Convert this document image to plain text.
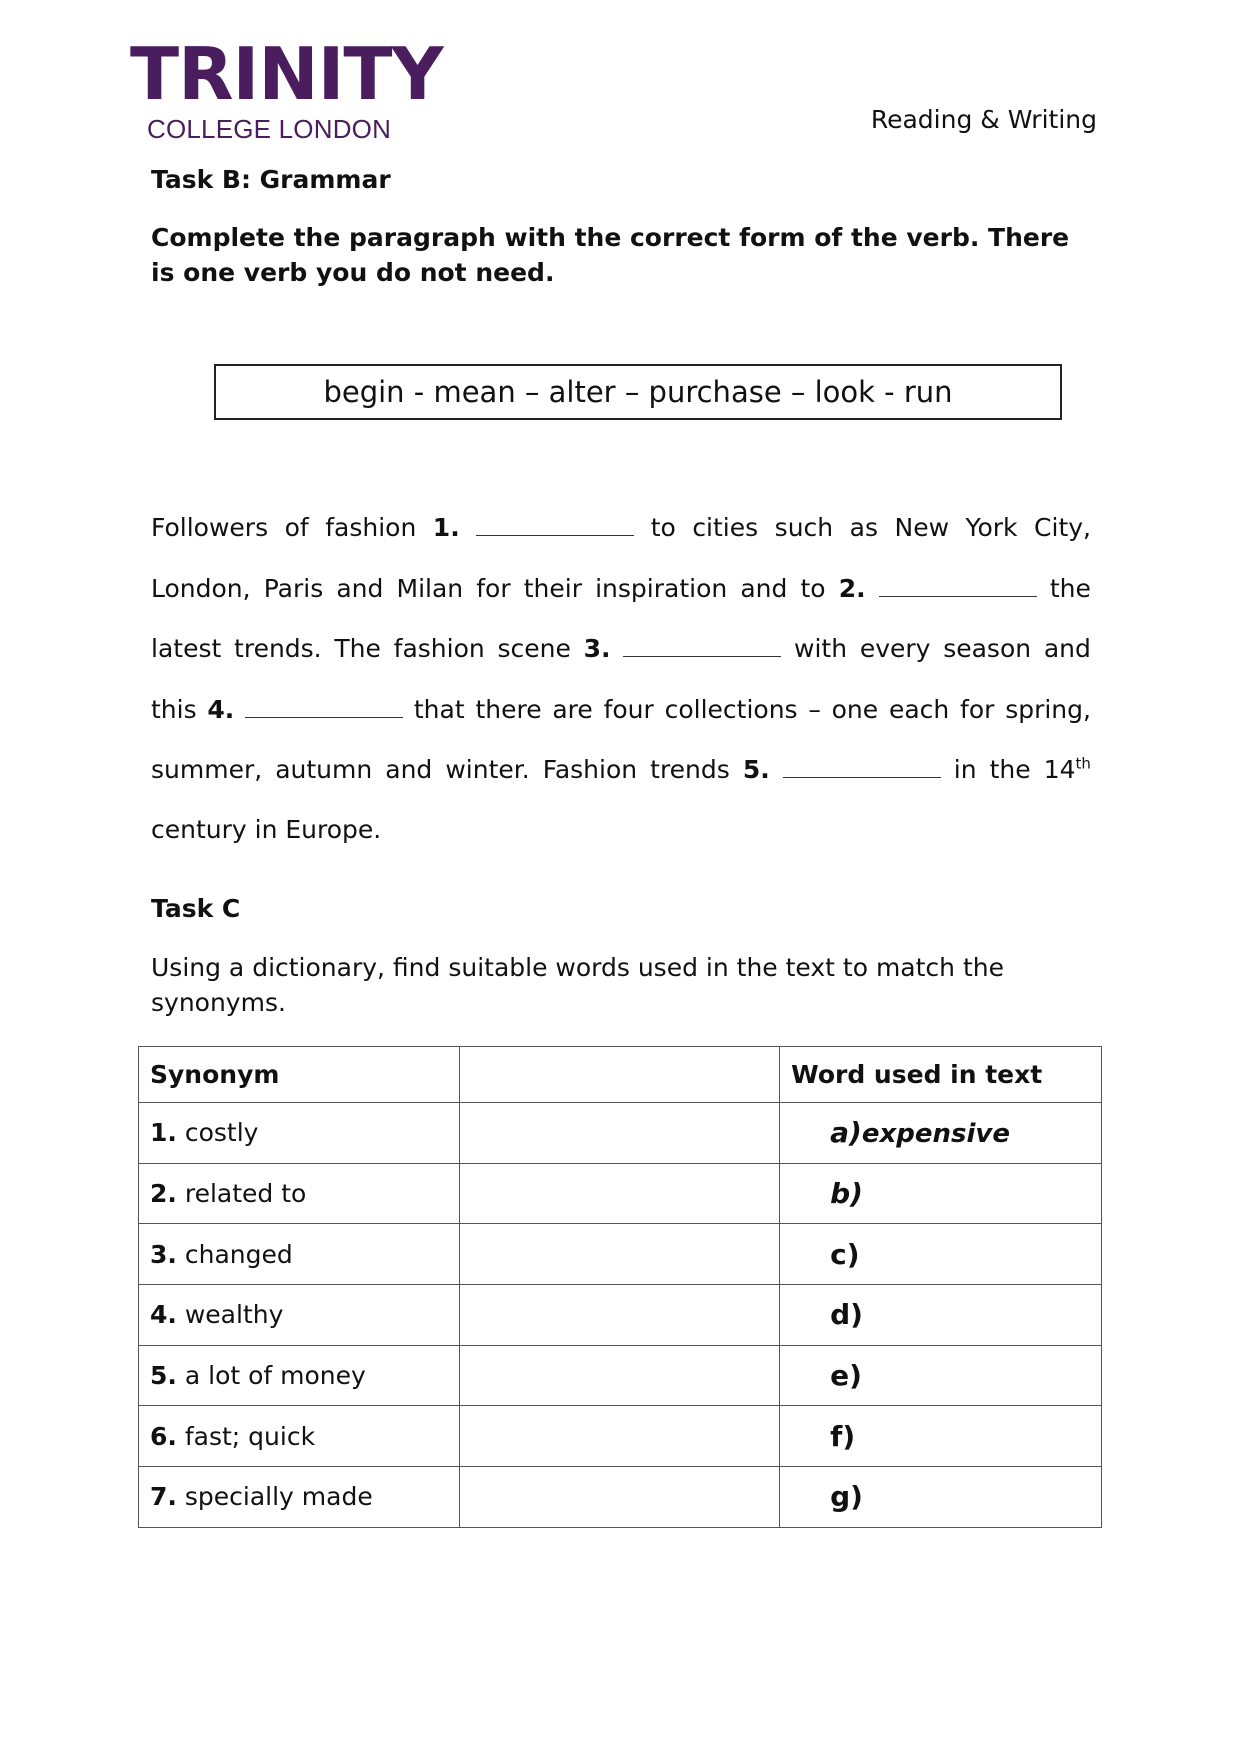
TRINITY
COLLEGE LONDON	Reading & Writing
Task B: Grammar
Complete the paragraph with the correct form of the verb. There is one verb you do not need.
begin - mean – alter – purchase – look - run
Followers of fashion 1.	to cities such as New York City,
London, Paris and Milan for their inspiration and to 2.	the
latest trends. The fashion scene 3.	with every season and
this 4.	that there are four collections – one each for spring,
summer, autumn and winter. Fashion trends 5.	in the 14th
century in Europe.
Task C
Using a dictionary, find suitable words used in the text to match the synonyms.
Synonym		Word used in text
1. costly		a)expensive
2. related to		b)
3. changed		c)
4. wealthy		d)
5. a lot of money		e)
6. fast; quick		f)
7. specially made		g)
